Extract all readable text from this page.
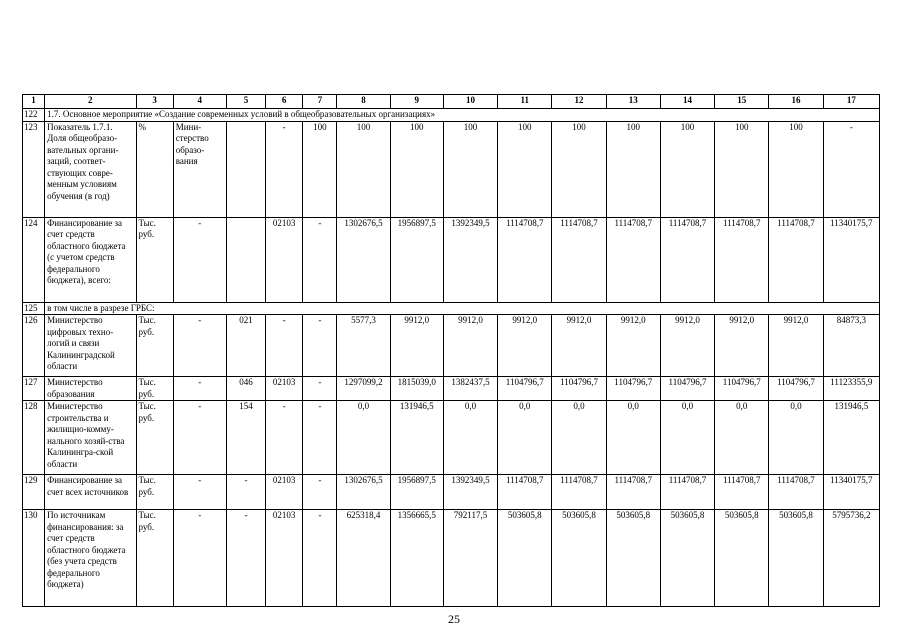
1	2	3	4	5	6	7	8	9	10	11	12	13	14	15	16	17
122	1.7. Основное мероприятие «Создание современных условий в общеобразовательных организациях»															
123	Показатель 1.7.1. Доля общеобразо-вательных органи-заций, соответ-ствующих совре-менным условиям обучения (в год)	%	Мини-стерство образо-вания		-	100	100	100	100	100	100	100	100	100	100	-
124	Финансирование за счет средств областного бюджета (с учетом средств федерального бюджета), всего:	Тыс. руб.	-		02103	-	1302676,5	1956897,5	1392349,5	1114708,7	1114708,7	1114708,7	1114708,7	1114708,7	1114708,7	11340175,7
125	в том числе в разрезе ГРБС:															
126	Министерство цифровых техно-логий и связи Калининградской области	Тыс. руб.	-	021	-	-	5577,3	9912,0	9912,0	9912,0	9912,0	9912,0	9912,0	9912,0	9912,0	84873,3
127	Министерство образования	Тыс. руб.	-	046	02103	-	1297099,2	1815039,0	1382437,5	1104796,7	1104796,7	1104796,7	1104796,7	1104796,7	1104796,7	11123355,9
128	Министерство строительства и жилищно-комму-нального хозяй-ства Калинингра-ской области	Тыс. руб.	-	154	-	-	0,0	131946,5	0,0	0,0	0,0	0,0	0,0	0,0	0,0	131946,5
129	Финансирование за счет всех источников	Тыс. руб.	-	-	02103	-	1302676,5	1956897,5	1392349,5	1114708,7	1114708,7	1114708,7	1114708,7	1114708,7	1114708,7	11340175,7
130	По источникам финансирования: за счет средств областного бюджета (без учета средств федерального бюджета)	Тыс. руб.	-	-	02103	-	625318,4	1356665,5	792117,5	503605,8	503605,8	503605,8	503605,8	503605,8	503605,8	5795736,2
25
